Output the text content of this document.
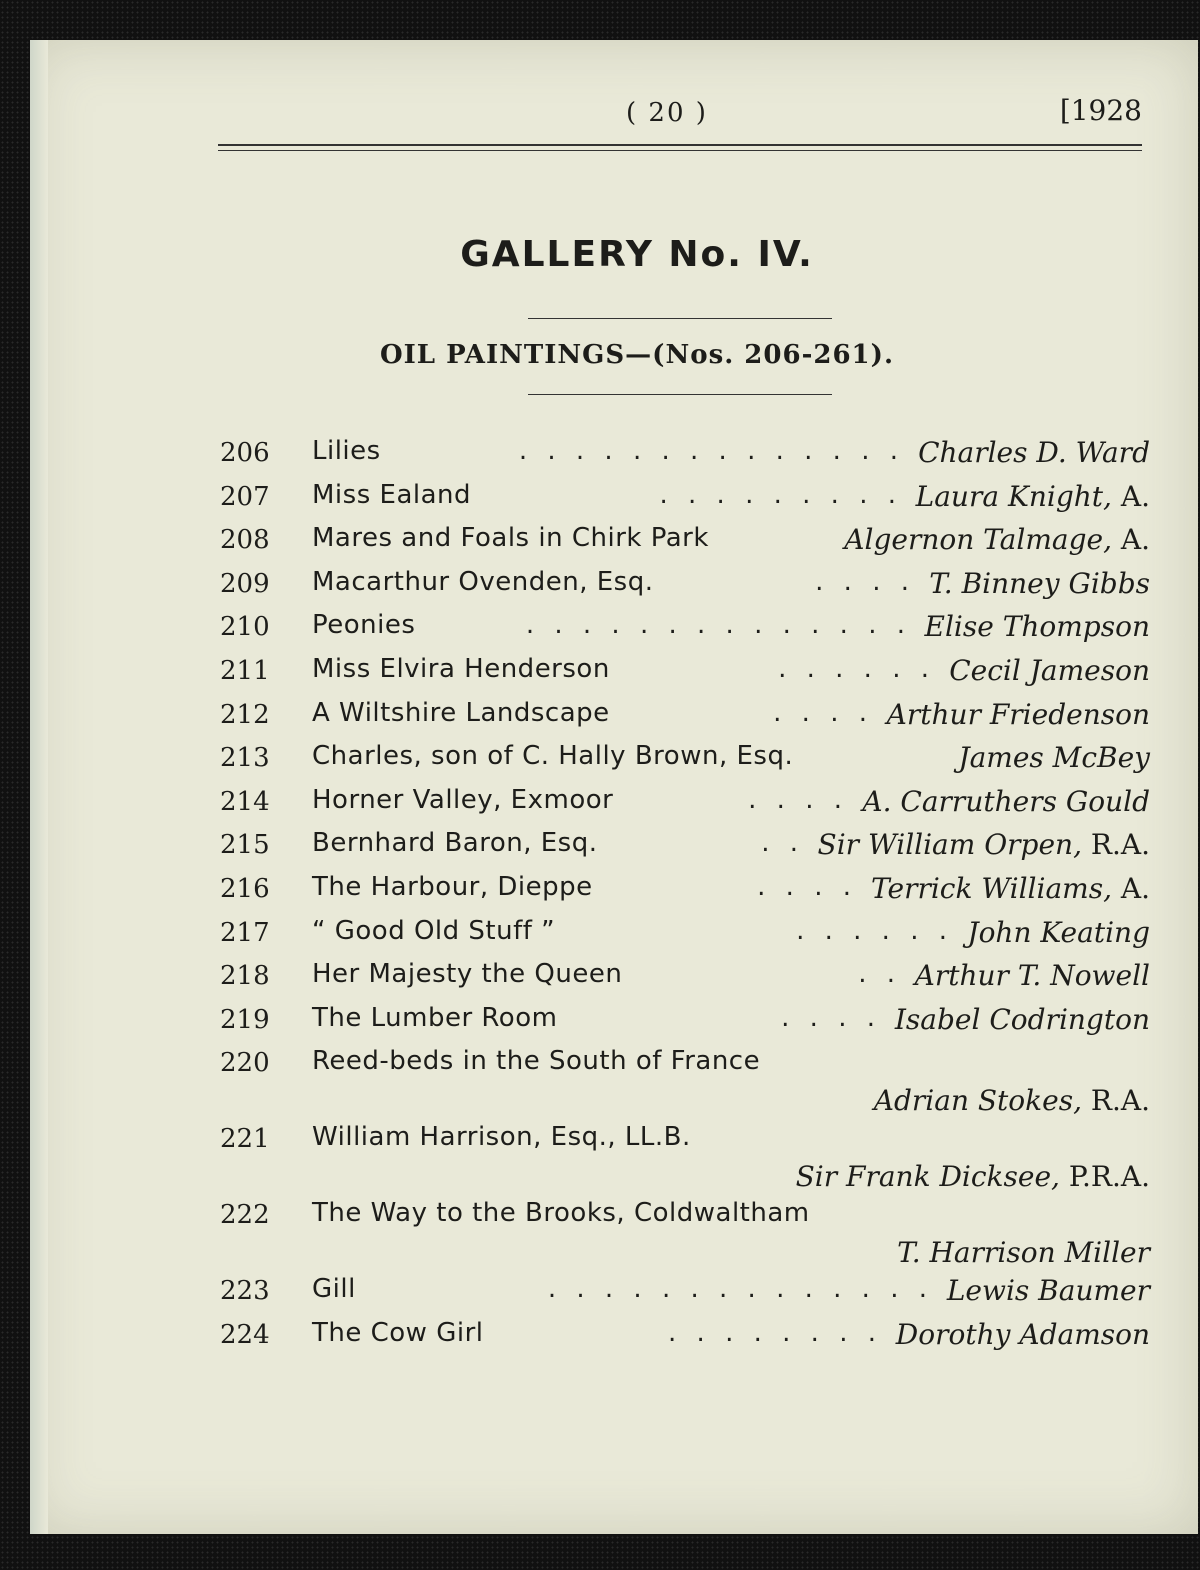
( 20 )	[1928
GALLERY No. IV.
OIL PAINTINGS—(Nos. 206-261).
206	Lilies	. . . . . . . . . . . . . . Charles D. Ward
207	Miss Ealand	. . . . . . . . . Laura Knight, A.
208	Mares and Foals in Chirk Park	Algernon Talmage, A.
209	Macarthur Ovenden, Esq.	. . . . T. Binney Gibbs
210	Peonies	. . . . . . . . . . . . . . Elise Thompson
211	Miss Elvira Henderson	. . . . . . Cecil Jameson
212	A Wiltshire Landscape	. . . . Arthur Friedenson
213	Charles, son of C. Hally Brown, Esq.	James McBey
214	Horner Valley, Exmoor	. . . . A. Carruthers Gould
215	Bernhard Baron, Esq.	. . Sir William Orpen, R.A.
216	The Harbour, Dieppe	. . . . Terrick Williams, A.
217	“ Good Old Stuff ”	. . . . . . John Keating
218	Her Majesty the Queen	. . Arthur T. Nowell
219	The Lumber Room	. . . . Isabel Codrington
220	Reed-beds in the South of France
Adrian Stokes, R.A.
221	William Harrison, Esq., LL.B.
Sir Frank Dicksee, P.R.A.
222	The Way to the Brooks, Coldwaltham
T. Harrison Miller
223	Gill	. . . . . . . . . . . . . . Lewis Baumer
224	The Cow Girl	. . . . . . . . Dorothy Adamson
